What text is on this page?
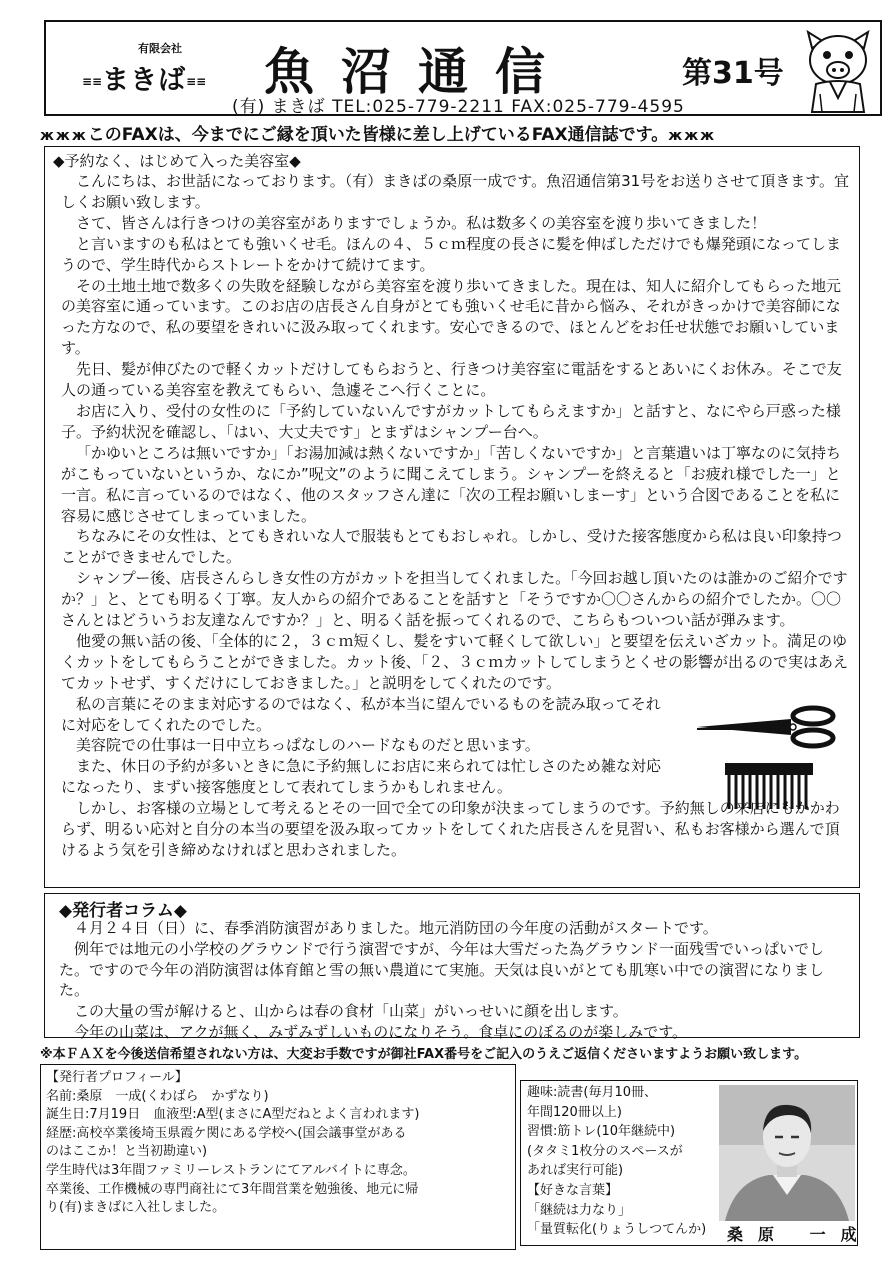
有限会社
≡≡まきば≡≡ 魚沼通信	第31号
(有) まきば TEL:025-779-2211 FAX:025-779-4595
жжжこのFAXは、今までにご縁を頂いた皆様に差し上げているFAX通信誌です。жжж
◆予約なく、はじめて入った美容室◆

こんにちは、お世話になっております。（有）まきばの桑原一成です。魚沼通信第31号をお送りさせて頂きます。宜しくお願い致します。

さて、皆さんは行きつけの美容室がありますでしょうか。私は数多くの美容室を渡り歩いてきました！

と言いますのも私はとても強いくせ毛。ほんの４、５ｃｍ程度の長さに髪を伸ばしただけでも爆発頭になってしまうので、学生時代からストレートをかけて続けてます。

その土地土地で数多くの失敗を経験しながら美容室を渡り歩いてきました。現在は、知人に紹介してもらった地元の美容室に通っています。このお店の店長さん自身がとても強いくせ毛に昔から悩み、それがきっかけで美容師になった方なので、私の要望をきれいに汲み取ってくれます。安心できるので、ほとんどをお任せ状態でお願いしています。

先日、髪が伸びたので軽くカットだけしてもらおうと、行きつけ美容室に電話をするとあいにくお休み。そこで友人の通っている美容室を教えてもらい、急遽そこへ行くことに。

お店に入り、受付の女性のに「予約していないんですがカットしてもらえますか」と話すと、なにやら戸惑った様子。予約状況を確認し、「はい、大丈夫です」とまずはシャンプー台へ。

「かゆいところは無いですか」「お湯加減は熱くないですか」「苦しくないですか」と言葉遣いは丁寧なのに気持ちがこもっていないというか、なにか”呪文”のように聞こえてしまう。シャンプーを終えると「お疲れ様でした一」と一言。私に言っているのではなく、他のスタッフさん達に「次の工程お願いしまーす」という合図であることを私に容易に感じさせてしまっていました。

ちなみにその女性は、とてもきれいな人で服装もとてもおしゃれ。しかし、受けた接客態度から私は良い印象持つことができませんでした。

シャンプー後、店長さんらしき女性の方がカットを担当してくれました。「今回お越し頂いたのは誰かのご紹介ですか？」と、とても明るく丁寧。友人からの紹介であることを話すと「そうですか〇〇さんからの紹介でしたか。〇〇さんとはどういうお友達なんですか？」と、明るく話を振ってくれるので、こちらもついつい話が弾みます。

他愛の無い話の後、「全体的に２，３ｃｍ短くし、髪をすいて軽くして欲しい」と要望を伝えいざカット。満足のゆくカットをしてもらうことができました。カット後、「２、３ｃｍカットしてしまうとくせの影響が出るので実はあえてカットせず、すくだけにしておきました。」と説明をしてくれたのです。

私の言葉にそのまま対応するのではなく、私が本当に望んでいるものを読み取ってそれに対応をしてくれたのでした。

美容院での仕事は一日中立ちっぱなしのハードなものだと思います。

また、休日の予約が多いときに急に予約無しにお店に来られては忙しさのため雑な対応になったり、まずい接客態度として表れてしまうかもしれません。

しかし、お客様の立場として考えるとその一回で全ての印象が決まってしまうのです。予約無しの来店にもかかわらず、明るい応対と自分の本当の要望を汲み取ってカットをしてくれた店長さんを見習い、私もお客様から選んで頂けるよう気を引き締めなければと思わされました。

◆発行者コラム◆

４月２４日（日）に、春季消防演習がありました。地元消防団の今年度の活動がスタートです。

例年では地元の小学校のグラウンドで行う演習ですが、今年は大雪だった為グラウンド一面残雪でいっぱいでした。ですので今年の消防演習は体育館と雪の無い農道にて実施。天気は良いがとても肌寒い中での演習になりました。

この大量の雪が解けると、山からは春の食材「山菜」がいっせいに顔を出します。

今年の山菜は、アクが無く、みずみずしいものになりそう。食卓にのぼるのが楽しみです。

※本ＦＡＸを今後送信希望されない方は、大変お手数ですが御社FAX番号をご記入のうえご返信くださいますようお願い致します。
【発行者プロフィール】
名前:桑原　一成(くわばら　かずなり)
誕生日:7月19日　血液型:A型(まさにA型だねとよく言われます)
経歴:高校卒業後埼玉県霞ケ関にある学校へ(国会議事堂がある
のはここか！と当初勘違い)
学生時代は3年間ファミリーレストランにてアルバイトに専念。
卒業後、工作機械の専門商社にて3年間営業を勉強後、地元に帰
り(有)まきばに入社しました。
趣味:読書(毎月10冊、
年間120冊以上)
習慣:筋トレ(10年継続中)
(タタミ1枚分のスペースが
あれば実行可能)
【好きな言葉】
「継続は力なり」
「量質転化(りょうしつてんか) 桑原 一成
